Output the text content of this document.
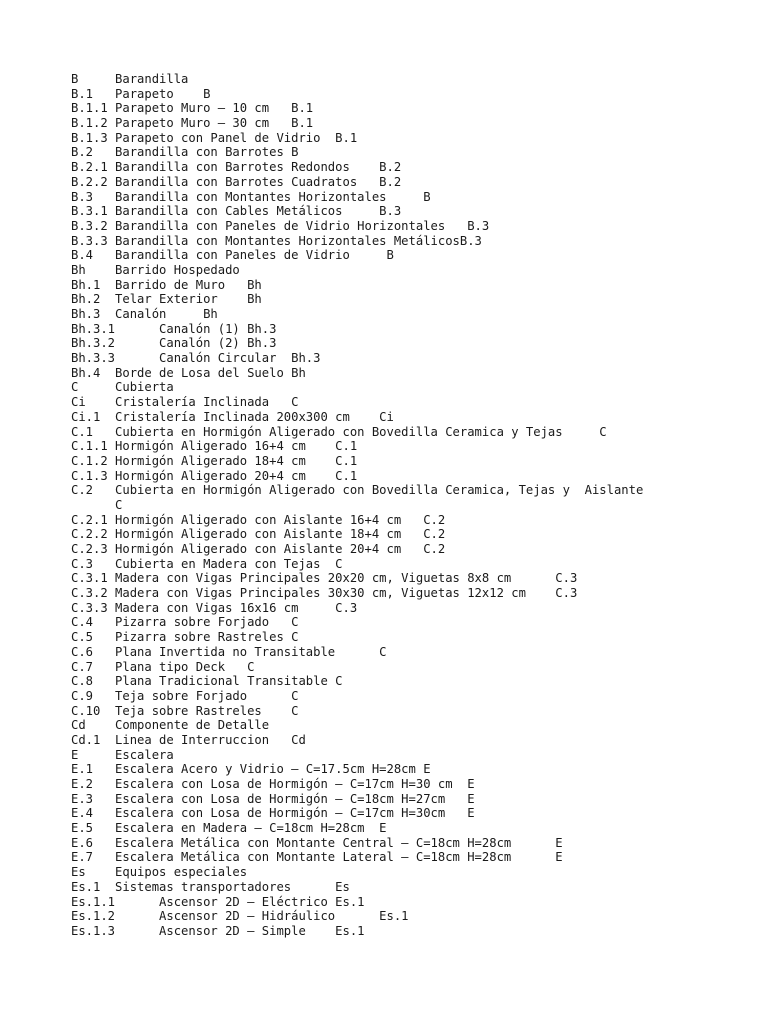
B     Barandilla
B.1   Parapeto    B
B.1.1 Parapeto Muro – 10 cm   B.1
B.1.2 Parapeto Muro – 30 cm   B.1
B.1.3 Parapeto con Panel de Vidrio  B.1
B.2   Barandilla con Barrotes B
B.2.1 Barandilla con Barrotes Redondos    B.2
B.2.2 Barandilla con Barrotes Cuadratos   B.2
B.3   Barandilla con Montantes Horizontales     B
B.3.1 Barandilla con Cables Metálicos     B.3
B.3.2 Barandilla con Paneles de Vidrio Horizontales   B.3
B.3.3 Barandilla con Montantes Horizontales MetálicosB.3
B.4   Barandilla con Paneles de Vidrio     B
Bh    Barrido Hospedado
Bh.1  Barrido de Muro   Bh
Bh.2  Telar Exterior    Bh
Bh.3  Canalón     Bh
Bh.3.1      Canalón (1) Bh.3
Bh.3.2      Canalón (2) Bh.3
Bh.3.3      Canalón Circular  Bh.3
Bh.4  Borde de Losa del Suelo Bh
C     Cubierta
Ci    Cristalería Inclinada   C
Ci.1  Cristalería Inclinada 200x300 cm    Ci
C.1   Cubierta en Hormigón Aligerado con Bovedilla Ceramica y Tejas     C
C.1.1 Hormigón Aligerado 16+4 cm    C.1
C.1.2 Hormigón Aligerado 18+4 cm    C.1
C.1.3 Hormigón Aligerado 20+4 cm    C.1
C.2   Cubierta en Hormigón Aligerado con Bovedilla Ceramica, Tejas y  Aislante
C
C.2.1 Hormigón Aligerado con Aislante 16+4 cm   C.2
C.2.2 Hormigón Aligerado con Aislante 18+4 cm   C.2
C.2.3 Hormigón Aligerado con Aislante 20+4 cm   C.2
C.3   Cubierta en Madera con Tejas  C
C.3.1 Madera con Vigas Principales 20x20 cm, Viguetas 8x8 cm      C.3
C.3.2 Madera con Vigas Principales 30x30 cm, Viguetas 12x12 cm    C.3
C.3.3 Madera con Vigas 16x16 cm     C.3
C.4   Pizarra sobre Forjado   C
C.5   Pizarra sobre Rastreles C
C.6   Plana Invertida no Transitable      C
C.7   Plana tipo Deck   C
C.8   Plana Tradicional Transitable C
C.9   Teja sobre Forjado      C
C.10  Teja sobre Rastreles    C
Cd    Componente de Detalle
Cd.1  Linea de Interruccion   Cd
E     Escalera
E.1   Escalera Acero y Vidrio – C=17.5cm H=28cm E
E.2   Escalera con Losa de Hormigón – C=17cm H=30 cm  E
E.3   Escalera con Losa de Hormigón – C=18cm H=27cm   E
E.4   Escalera con Losa de Hormigón – C=17cm H=30cm   E
E.5   Escalera en Madera – C=18cm H=28cm  E
E.6   Escalera Metálica con Montante Central – C=18cm H=28cm      E
E.7   Escalera Metálica con Montante Lateral – C=18cm H=28cm      E
Es    Equipos especiales
Es.1  Sistemas transportadores      Es
Es.1.1      Ascensor 2D – Eléctrico Es.1
Es.1.2      Ascensor 2D – Hidráulico      Es.1
Es.1.3      Ascensor 2D – Simple    Es.1
